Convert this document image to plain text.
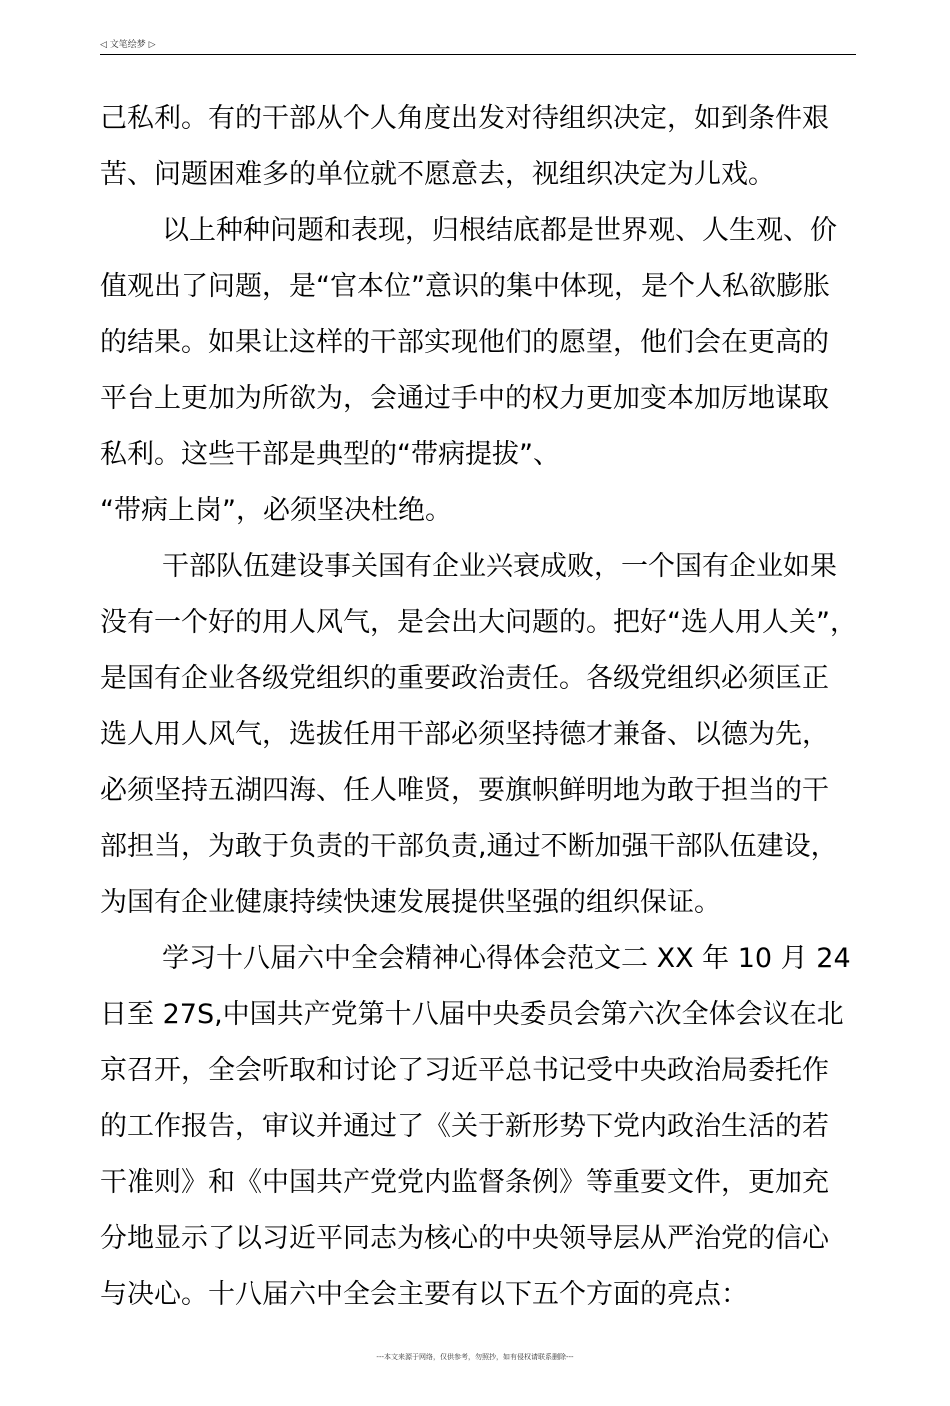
◁ 文笔绘梦 ▷
己私利。有的干部从个人角度出发对待组织决定，如到条件艰
苦、问题困难多的单位就不愿意去，视组织决定为儿戏。
以上种种问题和表现，归根结底都是世界观、人生观、价
值观出了问题，是“官本位”意识的集中体现，是个人私欲膨胀
的结果。如果让这样的干部实现他们的愿望，他们会在更高的
平台上更加为所欲为，会通过手中的权力更加变本加厉地谋取
私利。这些干部是典型的“带病提拔”、
“带病上岗”，必须坚决杜绝。
干部队伍建设事关国有企业兴衰成败，一个国有企业如果
没有一个好的用人风气，是会出大问题的。把好“选人用人关”，
是国有企业各级党组织的重要政治责任。各级党组织必须匡正
选人用人风气，选拔任用干部必须坚持德才兼备、以德为先，
必须坚持五湖四海、任人唯贤，要旗帜鲜明地为敢于担当的干
部担当，为敢于负责的干部负责,通过不断加强干部队伍建设，
为国有企业健康持续快速发展提供坚强的组织保证。
学习十八届六中全会精神心得体会范文二 XX 年 10 月 24
日至 27S,中国共产党第十八届中央委员会第六次全体会议在北
京召开，全会听取和讨论了习近平总书记受中央政治局委托作
的工作报告，审议并通过了《关于新形势下党内政治生活的若
干准则》和《中国共产党党内监督条例》等重要文件，更加充
分地显示了以习近平同志为核心的中央领导层从严治党的信心
与决心。十八届六中全会主要有以下五个方面的亮点：
---本文来源于网络，仅供参考，勿照抄，如有侵权请联系删除---
